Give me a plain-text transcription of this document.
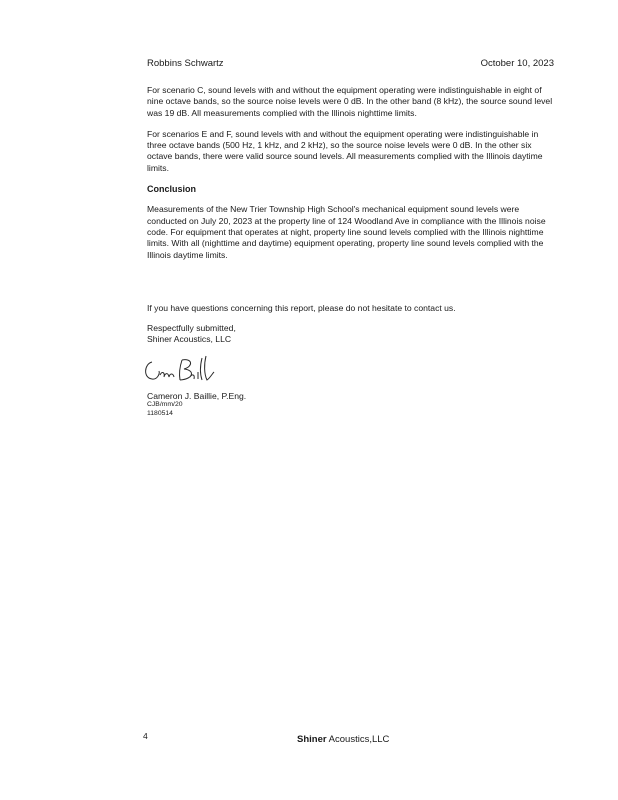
Robbins Schwartz	October 10, 2023

For scenario C, sound levels with and without the equipment operating were indistinguishable in eight of nine octave bands, so the source noise levels were 0 dB. In the other band (8 kHz), the source sound level was 19 dB. All measurements complied with the Illinois nighttime limits.

For scenarios E and F, sound levels with and without the equipment operating were indistinguishable in three octave bands (500 Hz, 1 kHz, and 2 kHz), so the source noise levels were 0 dB. In the other six octave bands, there were valid source sound levels. All measurements complied with the Illinois daytime limits.

Conclusion

Measurements of the New Trier Township High School's mechanical equipment sound levels were conducted on July 20, 2023 at the property line of 124 Woodland Ave in compliance with the Illinois noise code. For equipment that operates at night, property line sound levels complied with the Illinois nighttime limits. With all (nighttime and daytime) equipment operating, property line sound levels complied with the Illinois daytime limits.

If you have questions concerning this report, please do not hesitate to contact us.
Respectfully submitted,
Shiner Acoustics, LLC
Cameron J. Baillie, P.Eng.
CJB/mm/20
1180514
4	Shiner Acoustics,LLC
